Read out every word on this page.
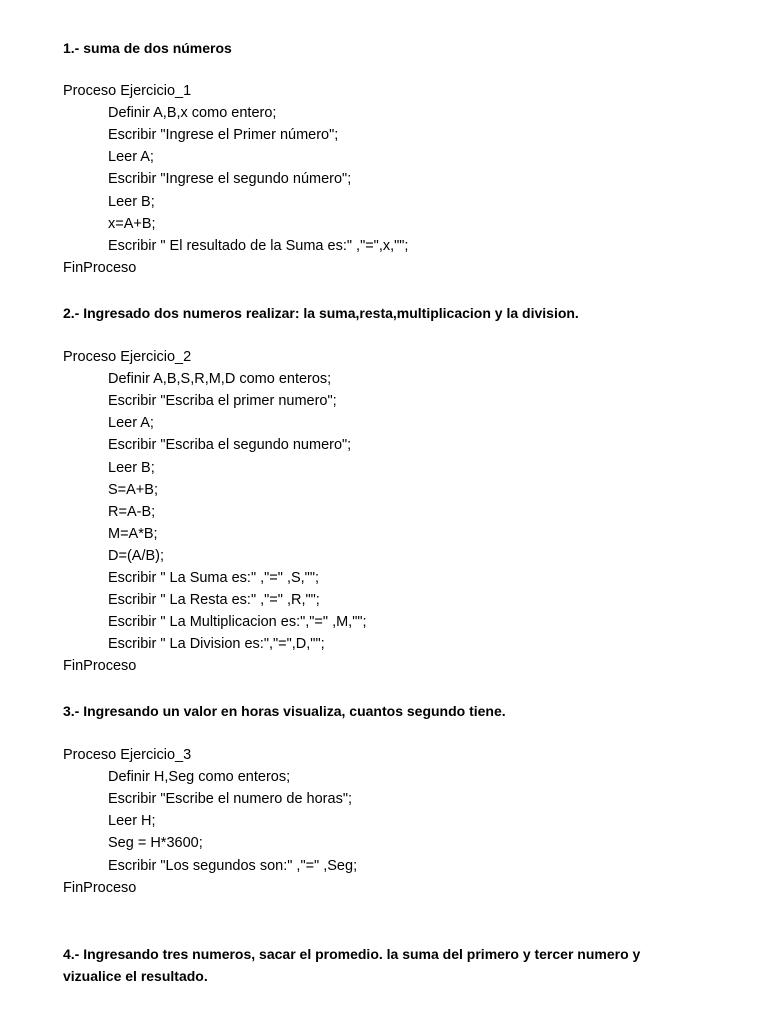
1.- suma de dos números
Proceso Ejercicio_1
Definir A,B,x como entero;
Escribir "Ingrese el Primer número";
Leer A;
Escribir "Ingrese el segundo número";
Leer B;
x=A+B;
Escribir " El resultado de la Suma es:" ,"=",x,"";
FinProceso
2.- Ingresado dos numeros realizar: la suma,resta,multiplicacion y la division.
Proceso Ejercicio_2
Definir A,B,S,R,M,D como enteros;
Escribir "Escriba el primer numero";
Leer A;
Escribir "Escriba el segundo numero";
Leer B;
S=A+B;
R=A-B;
M=A*B;
D=(A/B);
Escribir " La Suma es:" ,"=" ,S,"";
Escribir " La Resta es:" ,"=" ,R,"";
Escribir " La Multiplicacion es:","=" ,M,"";
Escribir " La Division es:","=",D,"";
FinProceso
3.- Ingresando un valor en horas visualiza, cuantos segundo tiene.
Proceso Ejercicio_3
Definir H,Seg como enteros;
Escribir "Escribe el numero de horas";
Leer H;
Seg = H*3600;
Escribir "Los segundos son:" ,"=" ,Seg;
FinProceso
4.- Ingresando tres numeros, sacar el promedio. la suma del primero y tercer numero y
vizualice el resultado.
